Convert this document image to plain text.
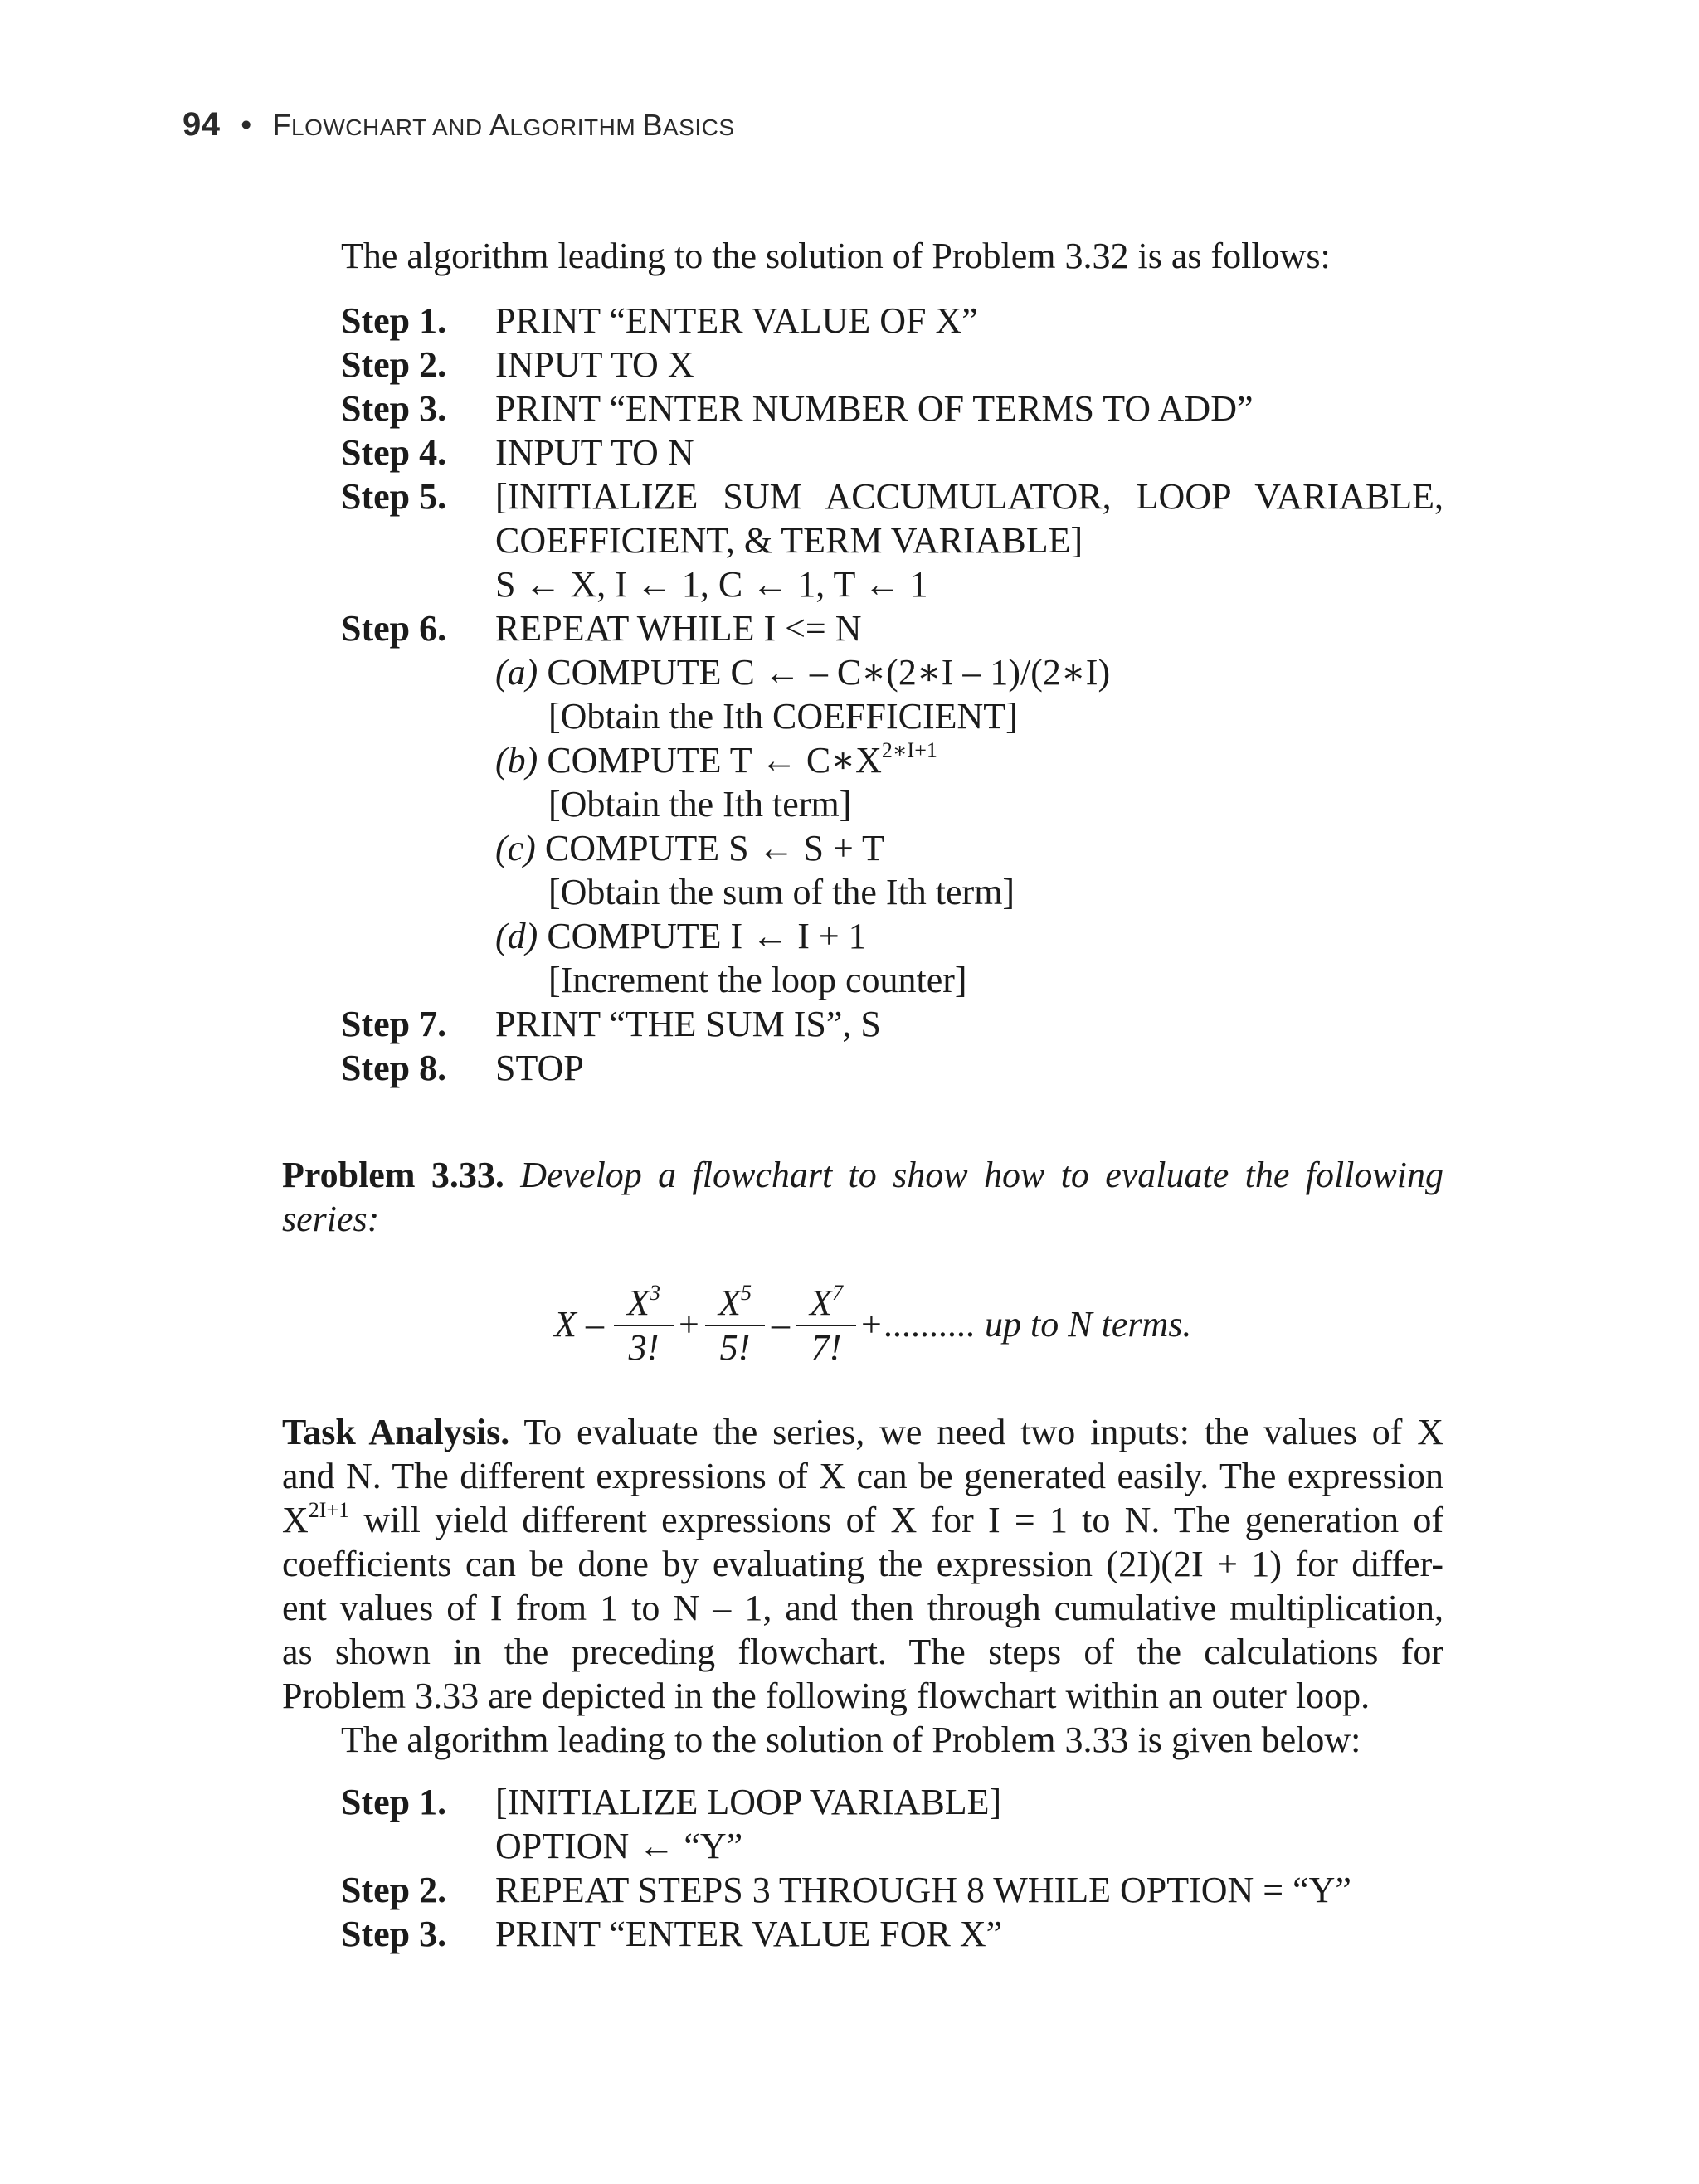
94 • FLOWCHART AND ALGORITHM BASICS
The algorithm leading to the solution of Problem 3.32 is as follows:
Step 1. PRINT “ENTER VALUE OF X”
Step 2. INPUT TO X
Step 3. PRINT “ENTER NUMBER OF TERMS TO ADD”
Step 4. INPUT TO N
Step 5. [INITIALIZE SUM ACCUMULATOR, LOOP VARIABLE,
COEFFICIENT, & TERM VARIABLE]
S ← X, I ← 1, C ← 1, T ← 1
Step 6. REPEAT WHILE I <= N
(a) COMPUTE C ← – C∗(2∗I – 1)/(2∗I)
[Obtain the Ith COEFFICIENT]
(b) COMPUTE T ← $C∗X^{2∗I+1}$
[Obtain the Ith term]
(c) COMPUTE S ← S + T
[Obtain the sum of the Ith term]
(d) COMPUTE I ← I + 1
[Increment the loop counter]
Step 7. PRINT “THE SUM IS”, S
Step 8. STOP
Problem 3.33. Develop a flowchart to show how to evaluate the following
series:
X –
$X^3$
3!
+
$X^5$
5!
–
$X^7$
7!
+ .......... up to N terms.
Task Analysis. To evaluate the series, we need two inputs: the values of X
and N. The different expressions of X can be generated easily. The expression
$X^{2I+1}$ will yield different expressions of X for I = 1 to N. The generation of
coefficients can be done by evaluating the expression (2I)(2I + 1) for differ-
ent values of I from 1 to N – 1, and then through cumulative multiplication,
as shown in the preceding flowchart. The steps of the calculations for
Problem 3.33 are depicted in the following flowchart within an outer loop.
The algorithm leading to the solution of Problem 3.33 is given below:
Step 1. [INITIALIZE LOOP VARIABLE]
OPTION ← “Y”
Step 2. REPEAT STEPS 3 THROUGH 8 WHILE OPTION = “Y”
Step 3. PRINT “ENTER VALUE FOR X”
